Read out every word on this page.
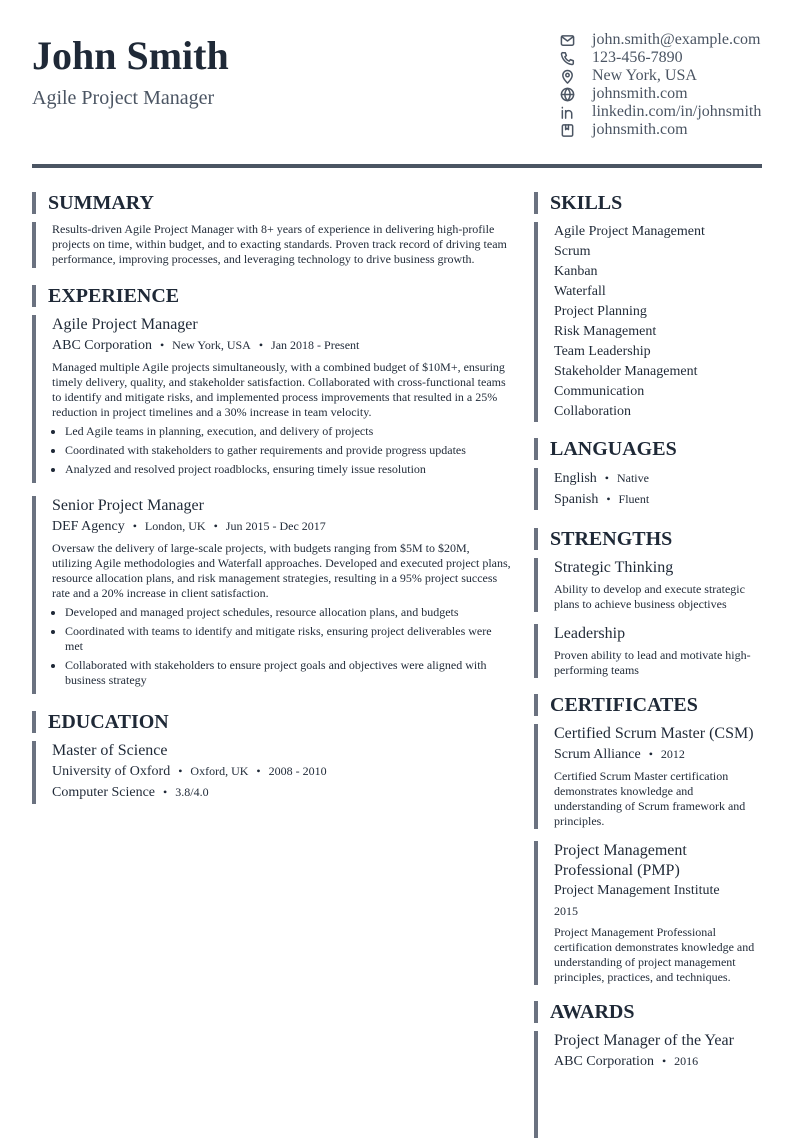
John Smith
Agile Project Manager
john.smith@example.com
123-456-7890
New York, USA
johnsmith.com
linkedin.com/in/johnsmith
johnsmith.com
SUMMARY
Results-driven Agile Project Manager with 8+ years of experience in delivering high-profile projects on time, within budget, and to exacting standards. Proven track record of driving team performance, improving processes, and leveraging technology to drive business growth.
EXPERIENCE
Agile Project Manager
ABC Corporation • New York, USA • Jan 2018 - Present
Managed multiple Agile projects simultaneously, with a combined budget of $10M+, ensuring timely delivery, quality, and stakeholder satisfaction. Collaborated with cross-functional teams to identify and mitigate risks, and implemented process improvements that resulted in a 25% reduction in project timelines and a 30% increase in team velocity.
• Led Agile teams in planning, execution, and delivery of projects
• Coordinated with stakeholders to gather requirements and provide progress updates
• Analyzed and resolved project roadblocks, ensuring timely issue resolution
Senior Project Manager
DEF Agency • London, UK • Jun 2015 - Dec 2017
Oversaw the delivery of large-scale projects, with budgets ranging from $5M to $20M, utilizing Agile methodologies and Waterfall approaches. Developed and executed project plans, resource allocation plans, and risk management strategies, resulting in a 95% project success rate and a 20% increase in client satisfaction.
• Developed and managed project schedules, resource allocation plans, and budgets
• Coordinated with teams to identify and mitigate risks, ensuring project deliverables were met
• Collaborated with stakeholders to ensure project goals and objectives were aligned with business strategy
EDUCATION
Master of Science
University of Oxford • Oxford, UK • 2008 - 2010
Computer Science • 3.8/4.0
SKILLS
Agile Project Management
Scrum
Kanban
Waterfall
Project Planning
Risk Management
Team Leadership
Stakeholder Management
Communication
Collaboration
LANGUAGES
English • Native
Spanish • Fluent
STRENGTHS
Strategic Thinking
Ability to develop and execute strategic plans to achieve business objectives
Leadership
Proven ability to lead and motivate high-performing teams
CERTIFICATES
Certified Scrum Master (CSM)
Scrum Alliance • 2012
Certified Scrum Master certification demonstrates knowledge and understanding of Scrum framework and principles.
Project Management Professional (PMP)
Project Management Institute
2015
Project Management Professional certification demonstrates knowledge and understanding of project management principles, practices, and techniques.
AWARDS
Project Manager of the Year
ABC Corporation • 2016
